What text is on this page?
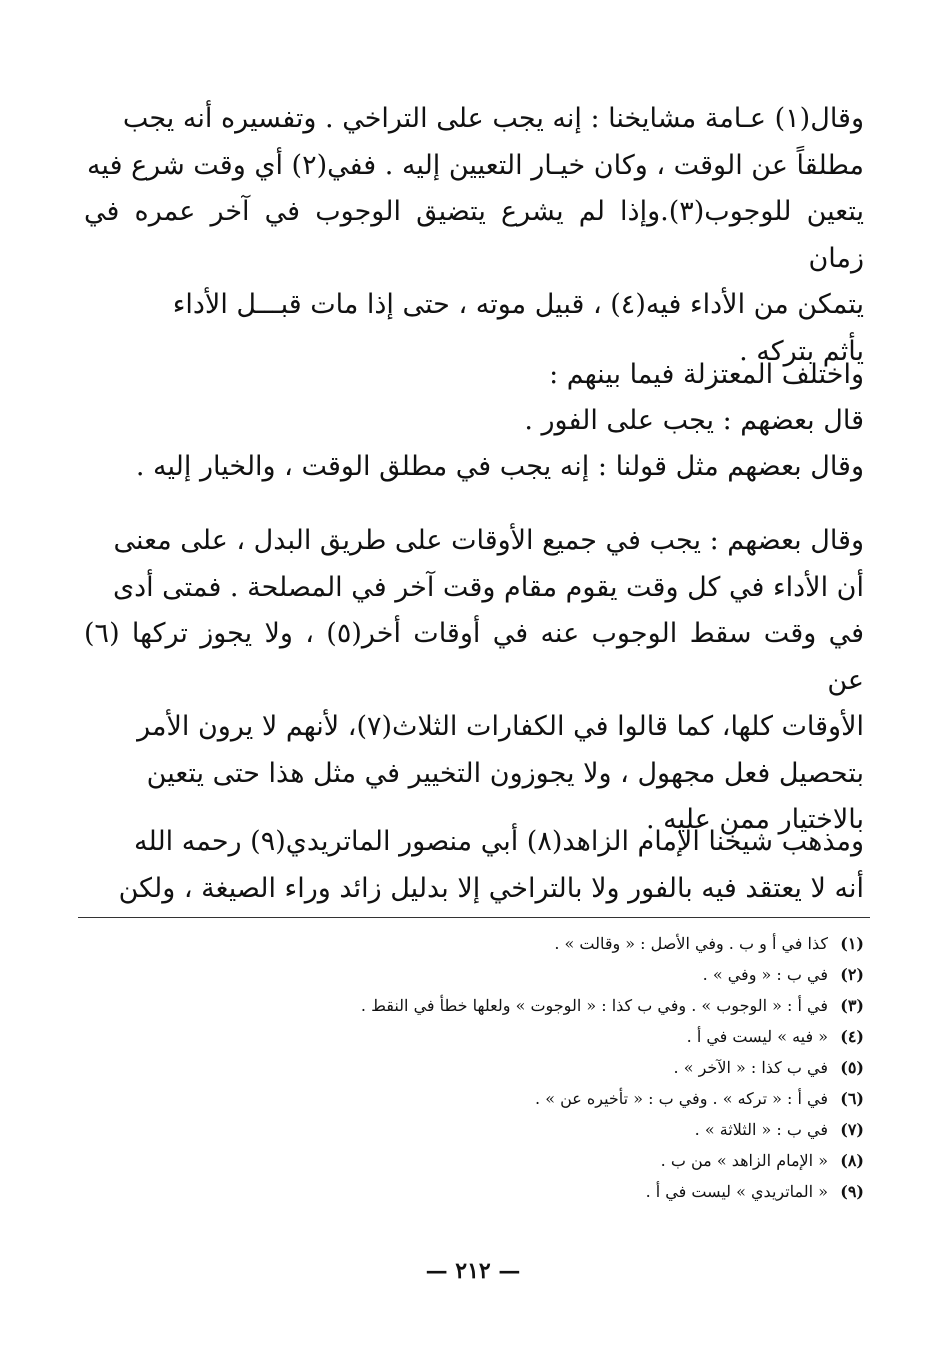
وقال(١) عـامة مشايخنا : إنه يجب على التراخي . وتفسيره أنه يجب
مطلقاً عن الوقت ، وكان خيـار التعيين إليه . ففي(٢) أي وقت شرع فيه
يتعين للوجوب(٣).وإذا لم يشرع يتضيق الوجوب في آخر عمره في زمان
يتمكن من الأداء فيه(٤) ، قبيل موته ، حتى إذا مات قبـــل الأداء
يأثم بتركه .
واختلف المعتزلة فيما بينهم :
قال بعضهم : يجب على الفور .
وقال بعضهم مثل قولنا : إنه يجب في مطلق الوقت ، والخيار إليه .
وقال بعضهم : يجب في جميع الأوقات على طريق البدل ، على معنى
أن الأداء في كل وقت يقوم مقام وقت آخر في المصلحة . فمتى أدى
في وقت سقط الوجوب عنه في أوقات أخر(٥) ، ولا يجوز تركها (٦) عن
الأوقات كلها، كما قالوا في الكفارات الثلاث(٧)، لأنهم لا يرون الأمر
بتحصيل فعل مجهول ، ولا يجوزون التخيير في مثل هذا حتى يتعين
بالاختيار ممن عليه .
ومذهب شيخنا الإمام الزاهد(٨) أبي منصور الماتريدي(٩) رحمه الله
أنه لا يعتقد فيه بالفور ولا بالتراخي إلا بدليل زائد وراء الصيغة ، ولكن
(١)
كذا في أ و ب . وفي الأصل : « وقالت » .
(٢)
في ب : « وفي » .
(٣)
في أ : « الوجوب » . وفي ب كذا : « الوجوت » ولعلها خطأ في النقط .
(٤)
« فيه » ليست في أ .
(٥)
في ب كذا : « الآخر » .
(٦)
في أ : « تركه » . وفي ب : « تأخيره عن » .
(٧)
في ب : « الثلاثة » .
(٨)
« الإمام الزاهد » من ب .
(٩)
« الماتريدي » ليست في أ .
— ٢١٢ —
